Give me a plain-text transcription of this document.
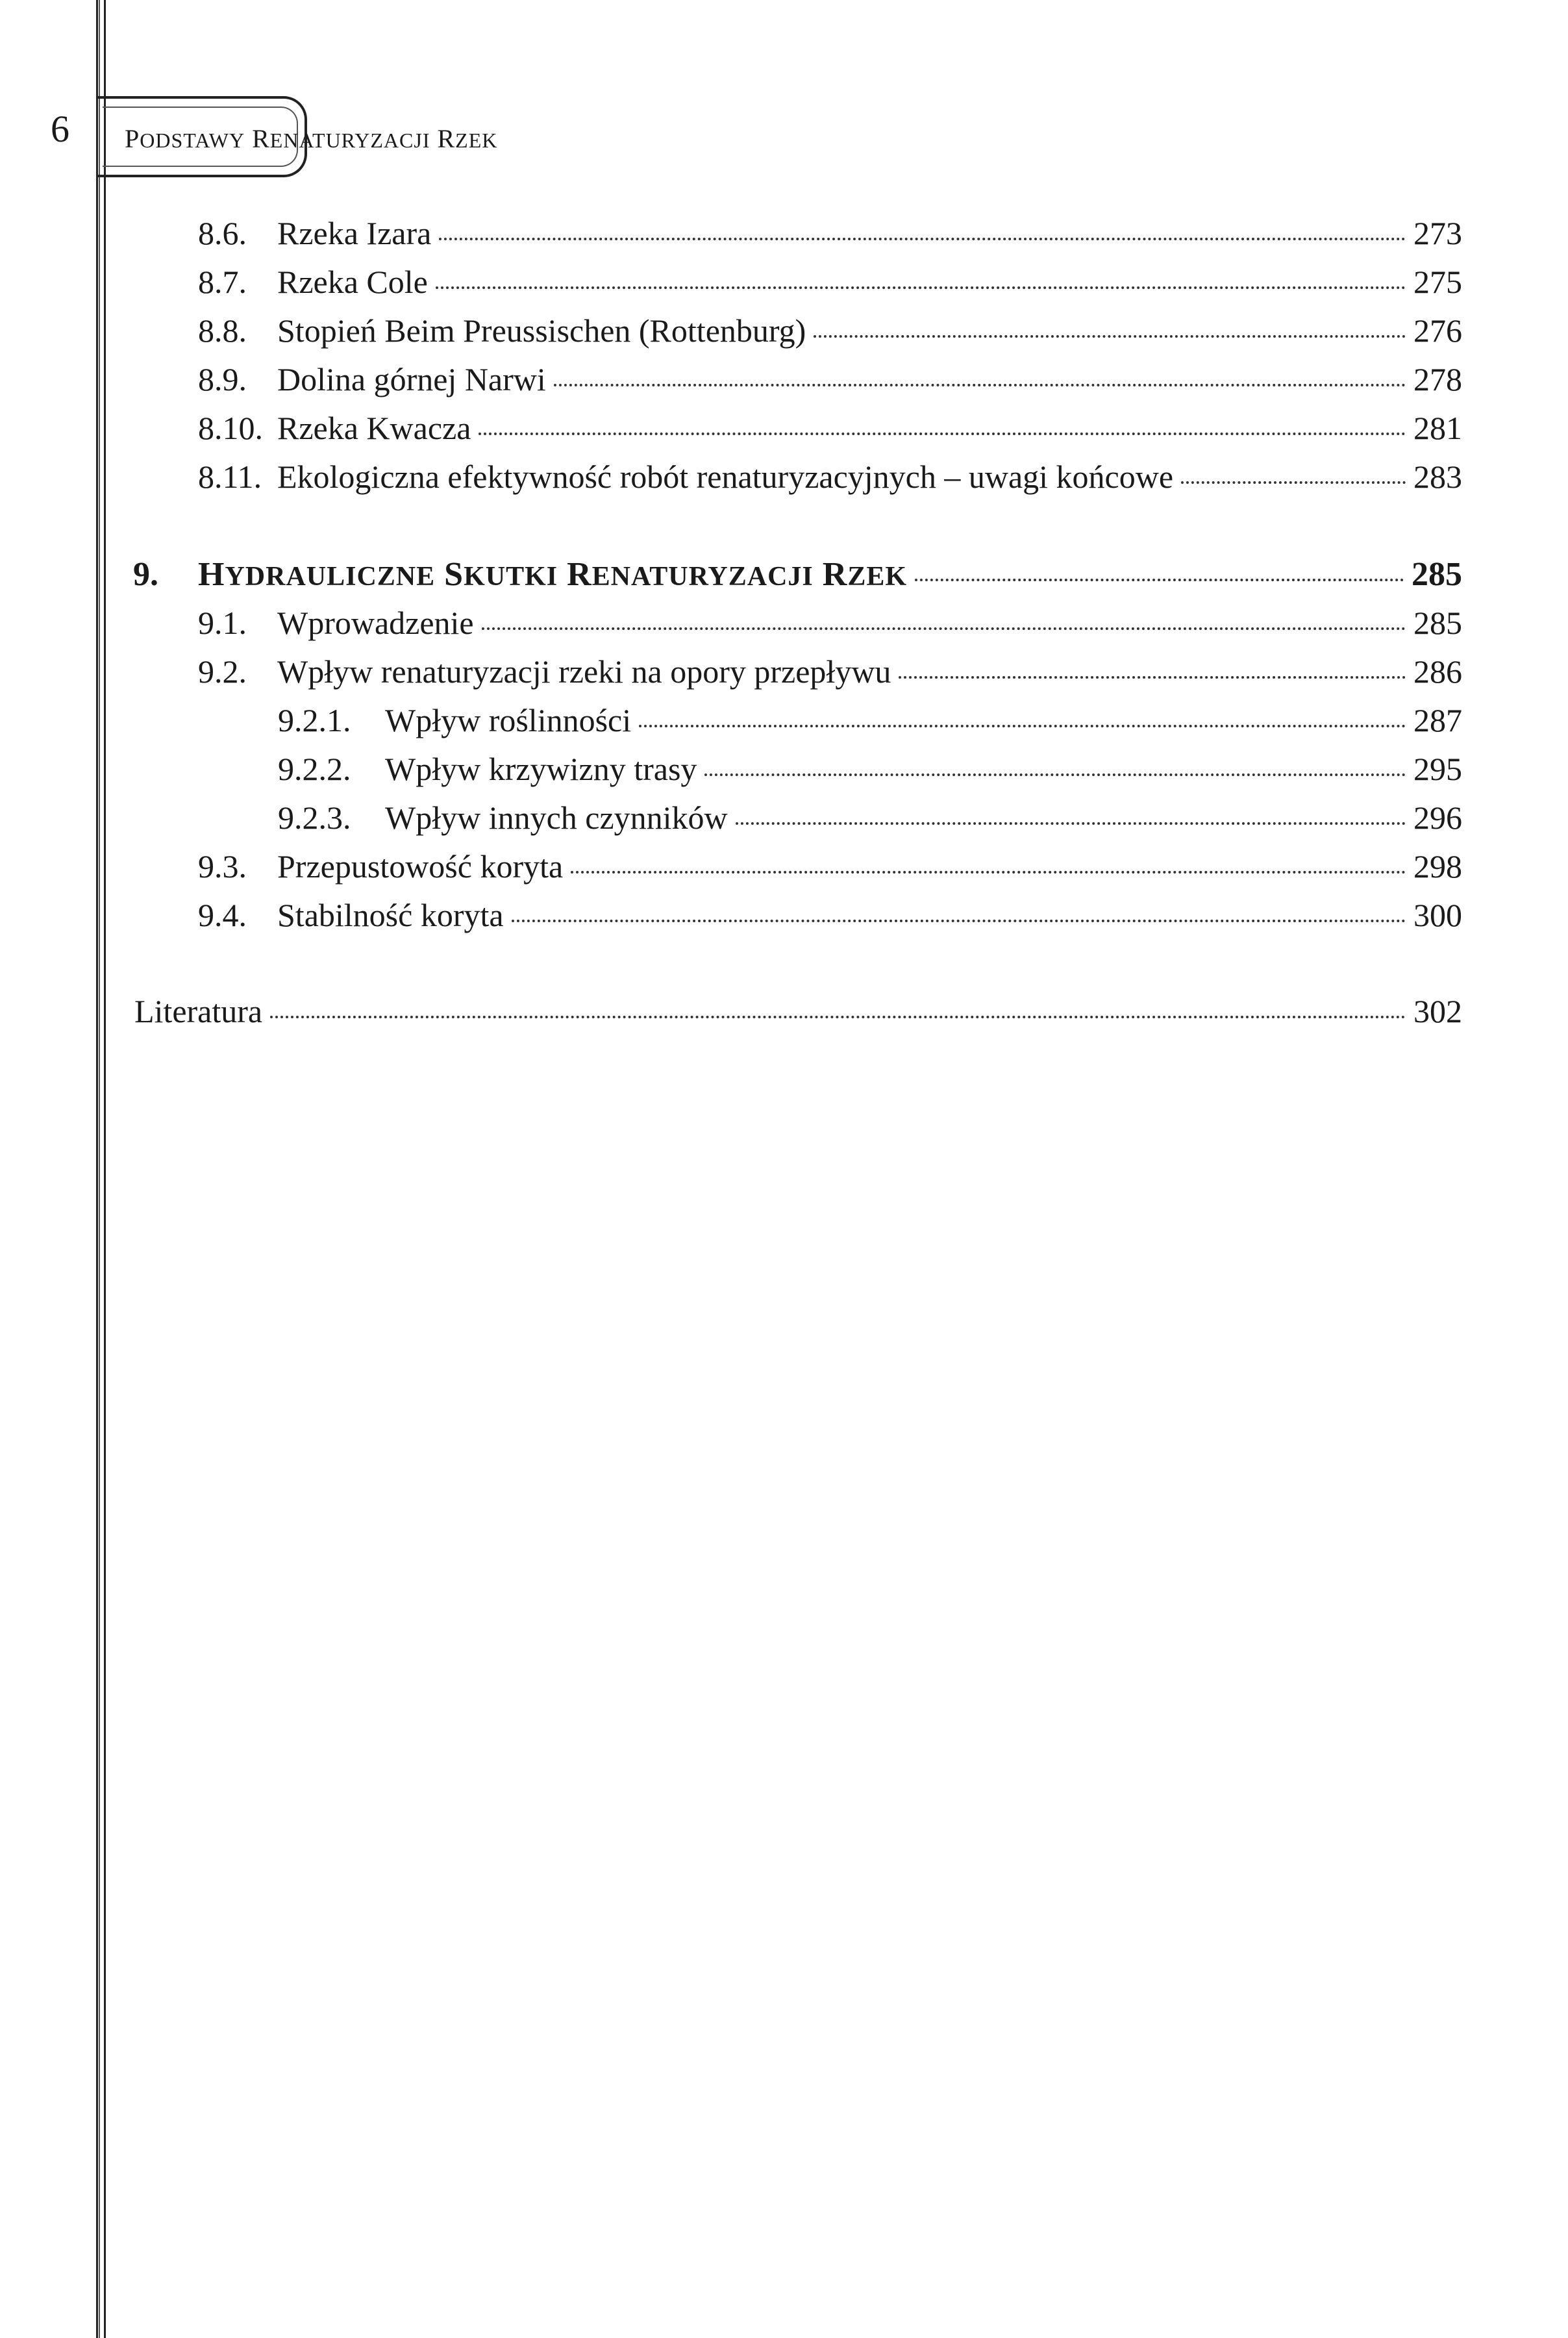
6 PODSTAWY RENATURYZACJI RZEK
8.6. Rzeka Izara	273
8.7. Rzeka Cole	275
8.8. Stopień Beim Preussischen (Rottenburg)	276
8.9. Dolina górnej Narwi	278
8.10. Rzeka Kwacza	281
8.11. Ekologiczna efektywność robót renaturyzacyjnych – uwagi końcowe	283
9.	HYDRAULICZNE SKUTKI RENATURYZACJI RZEK	285
9.1. Wprowadzenie	285
9.2. Wpływ renaturyzacji rzeki na opory przepływu	286
9.2.1.	Wpływ roślinności	287
9.2.2.	Wpływ krzywizny trasy	295
9.2.3.	Wpływ innych czynników	296
9.3. Przepustowość koryta	298
9.4. Stabilność koryta	300
Literatura	302
